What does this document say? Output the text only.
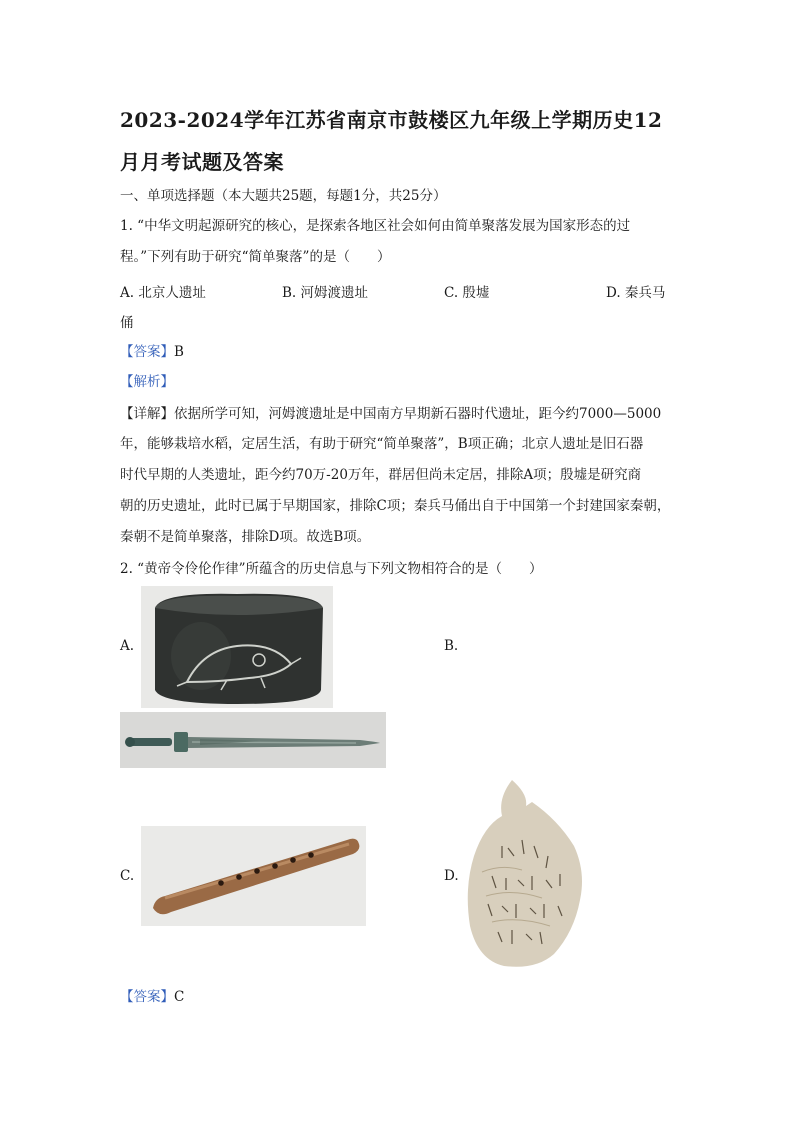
2023-2024学年江苏省南京市鼓楼区九年级上学期历史12
月月考试题及答案
一、单项选择题（本大题共25题，每题1分，共25分）
1. “中华文明起源研究的核心，是探索各地区社会如何由简单聚落发展为国家形态的过
程。”下列有助于研究“简单聚落”的是（　　）
A. 北京人遗址	B. 河姆渡遗址	C. 殷墟	D. 秦兵马
俑
【答案】B
【解析】
【详解】依据所学可知，河姆渡遗址是中国南方早期新石器时代遗址，距今约7000—5000
年，能够栽培水稻，定居生活，有助于研究“简单聚落”，B项正确；北京人遗址是旧石器
时代早期的人类遗址，距今约70万-20万年，群居但尚未定居，排除A项；殷墟是研究商
朝的历史遗址，此时已属于早期国家，排除C项；秦兵马俑出自于中国第一个封建国家秦朝，
秦朝不是简单聚落，排除D项。故选B项。
2. “黄帝令伶伦作律”所蕴含的历史信息与下列文物相符合的是（　　）
A.	B.
C.	D.
【答案】C
